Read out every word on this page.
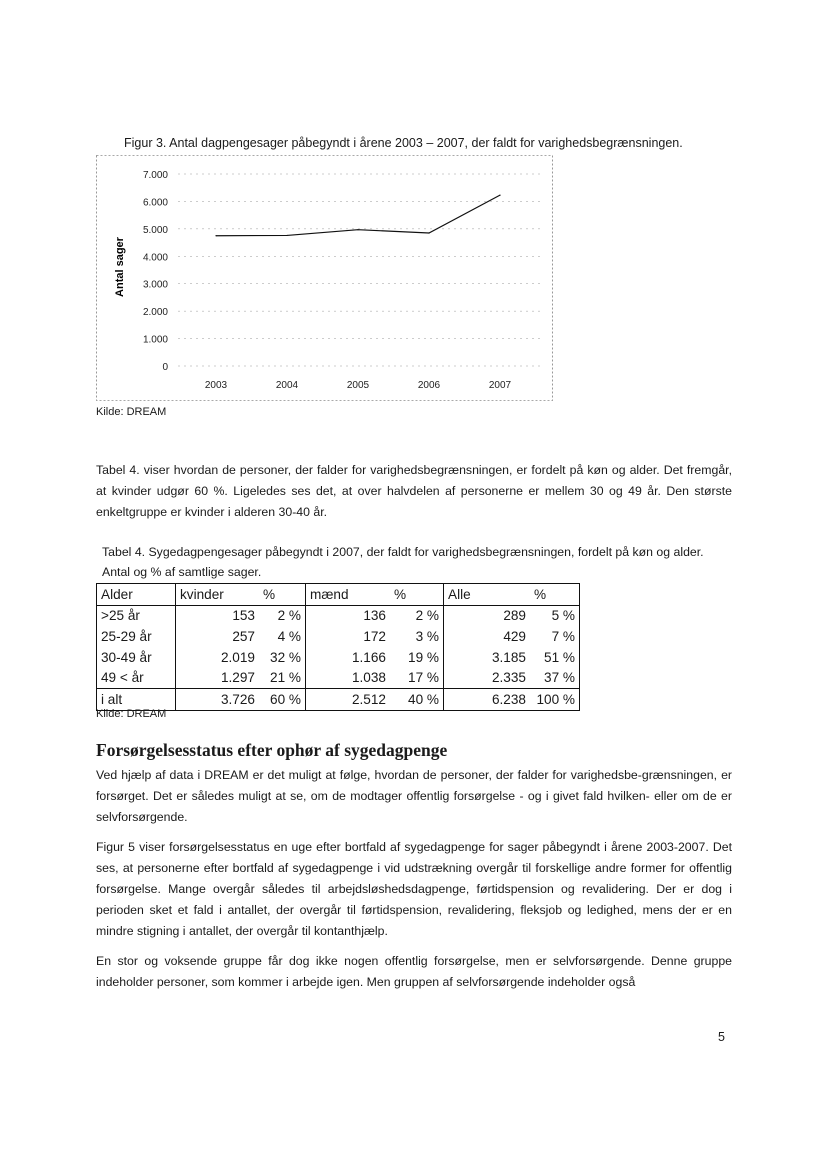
Figur 3. Antal dagpengesager påbegyndt i årene 2003 – 2007, der faldt for varighedsbegrænsningen.
0
1.000
2.000
3.000
4.000
5.000
6.000
7.000
2003	2004	2005	2006	2007
Antal sager
Kilde: DREAM

Tabel 4. viser hvordan de personer, der falder for varighedsbegrænsningen, er fordelt på køn og alder. Det fremgår, at kvinder udgør 60 %. Ligeledes ses det, at over halvdelen af personerne er mellem 30 og 49 år. Den største enkeltgruppe er kvinder i alderen 30-40 år.

Tabel 4. Sygedagpengesager påbegyndt i 2007, der faldt for varighedsbegrænsningen, fordelt på køn og alder. Antal og % af samtlige sager.
Alder	kvinder	%	mænd	%	Alle	%
>25 år	153	2 %	136	2 %	289	5 %
25-29 år	257	4 %	172	3 %	429	7 %
30-49 år	2.019	32 %	1.166	19 %	3.185	51 %
49 < år	1.297	21 %	1.038	17 %	2.335	37 %
i alt	3.726	60 %	2.512	40 %	6.238	100 %
Kilde: DREAM
Forsørgelsesstatus efter ophør af sygedagpenge

Ved hjælp af data i DREAM er det muligt at følge, hvordan de personer, der falder for varighedsbe-grænsningen, er forsørget. Det er således muligt at se, om de modtager offentlig forsørgelse - og i givet fald hvilken- eller om de er selvforsørgende.

Figur 5 viser forsørgelsesstatus en uge efter bortfald af sygedagpenge for sager påbegyndt i årene 2003-2007. Det ses, at personerne efter bortfald af sygedagpenge i vid udstrækning overgår til forskellige andre former for offentlig forsørgelse. Mange overgår således til arbejdsløshedsdagpenge, førtidspension og revalidering. Der er dog i perioden sket et fald i antallet, der overgår til førtidspension, revalidering, fleksjob og ledighed, mens der er en mindre stigning i antallet, der overgår til kontanthjælp.

En stor og voksende gruppe får dog ikke nogen offentlig forsørgelse, men er selvforsørgende. Denne gruppe indeholder personer, som kommer i arbejde igen. Men gruppen af selvforsørgende indeholder også

5
